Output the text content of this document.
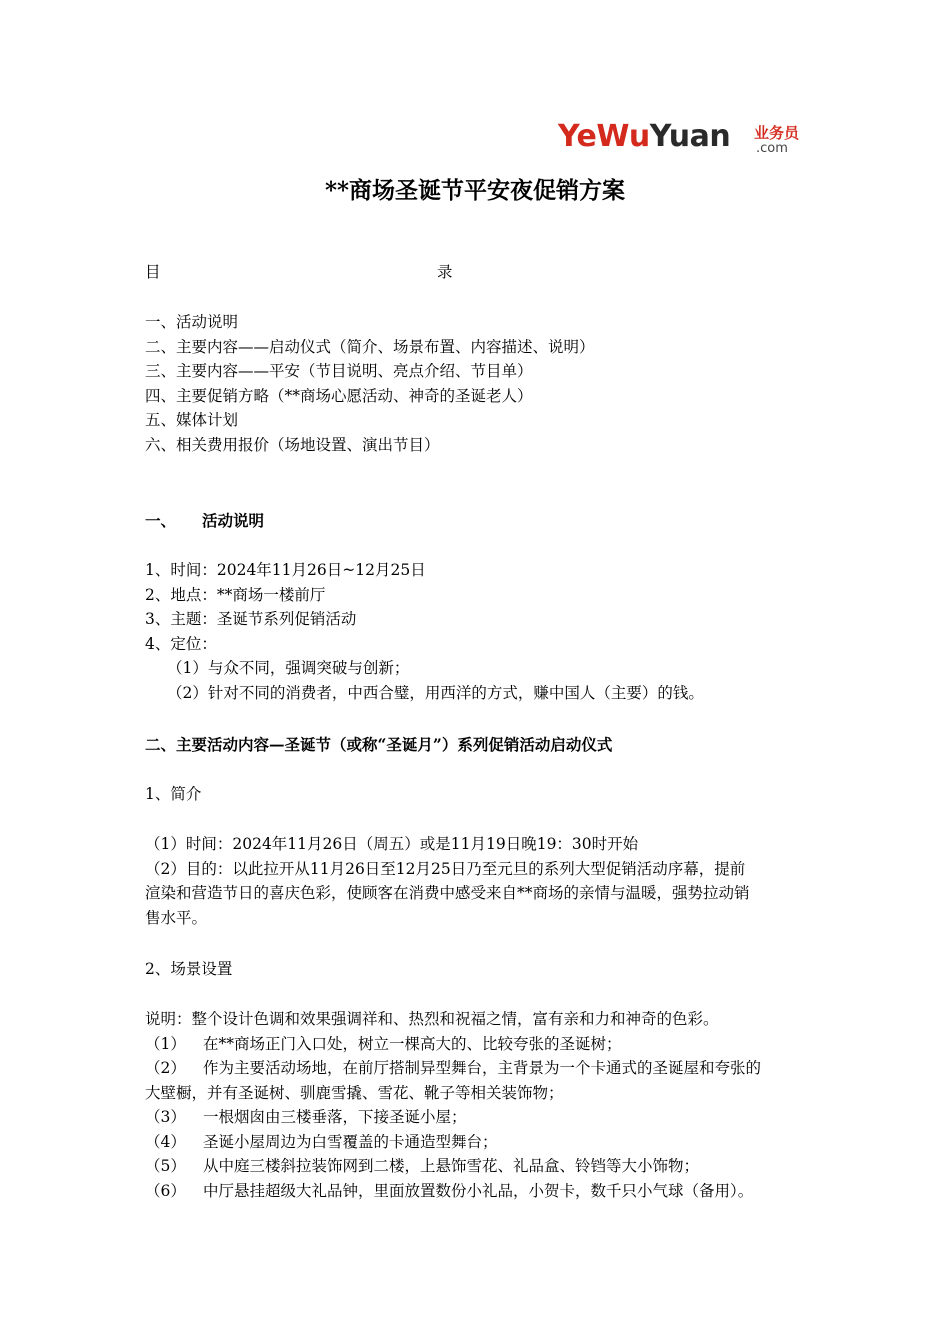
YeWuYuan 业务员
.com
**商场圣诞节平安夜促销方案
目	录
一、活动说明
二、主要内容——启动仪式（简介、场景布置、内容描述、说明）
三、主要内容——平安（节目说明、亮点介绍、节目单）
四、主要促销方略（**商场心愿活动、神奇的圣诞老人）
五、媒体计划
六、相关费用报价（场地设置、演出节目）
一、 活动说明
1、时间：2024年11月26日~12月25日
2、地点：**商场一楼前厅
3、主题：圣诞节系列促销活动
4、定位：
（1）与众不同，强调突破与创新；
（2）针对不同的消费者，中西合璧，用西洋的方式，赚中国人（主要）的钱。
二、主要活动内容—圣诞节（或称“圣诞月”）系列促销活动启动仪式
1、简介
（1）时间：2024年11月26日（周五）或是11月19日晚19：30时开始
（2）目的：以此拉开从11月26日至12月25日乃至元旦的系列大型促销活动序幕，提前
渲染和营造节日的喜庆色彩，使顾客在消费中感受来自**商场的亲情与温暖，强势拉动销
售水平。
2、场景设置
说明：整个设计色调和效果强调祥和、热烈和祝福之情，富有亲和力和神奇的色彩。
（1）	在**商场正门入口处，树立一棵高大的、比较夸张的圣诞树；
（2）	作为主要活动场地，在前厅搭制异型舞台，主背景为一个卡通式的圣诞屋和夸张的
大壁橱，并有圣诞树、驯鹿雪撬、雪花、靴子等相关装饰物；
（3）	一根烟囱由三楼垂落，下接圣诞小屋；
（4）	圣诞小屋周边为白雪覆盖的卡通造型舞台；
（5）	从中庭三楼斜拉装饰网到二楼，上悬饰雪花、礼品盒、铃铛等大小饰物；
（6）	中厅悬挂超级大礼品钟，里面放置数份小礼品，小贺卡，数千只小气球（备用）。
